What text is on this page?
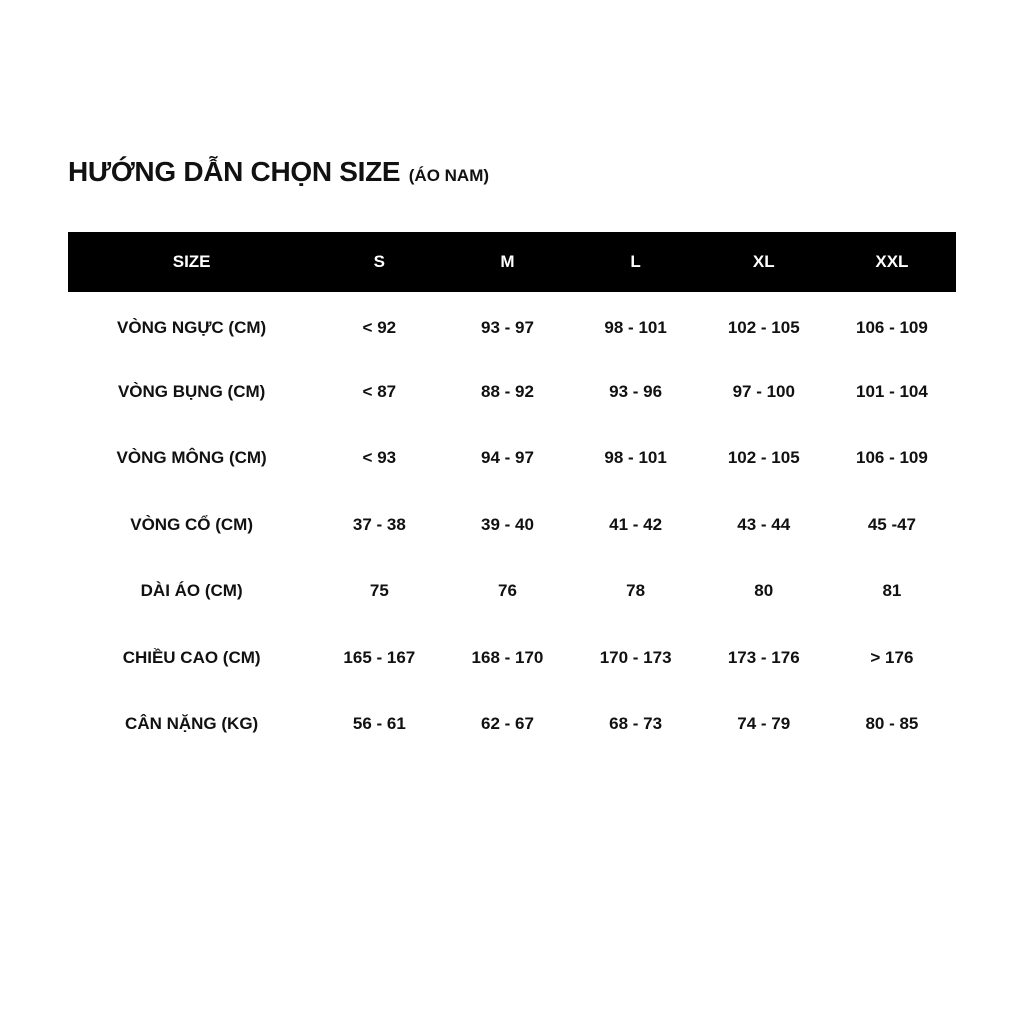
HƯỚNG DẪN CHỌN SIZE (ÁO NAM)
SIZE	S	M	L	XL	XXL
VÒNG NGỰC (CM)	< 92	93 - 97	98 - 101	102 - 105	106 - 109
VÒNG BỤNG (CM)	< 87	88 - 92	93 - 96	97 - 100	101 - 104
VÒNG MÔNG (CM)	< 93	94 - 97	98 - 101	102 - 105	106 - 109
VÒNG CỔ (CM)	37 - 38	39 - 40	41 - 42	43 - 44	45 -47
DÀI ÁO (CM)	75	76	78	80	81
CHIỀU CAO (CM)	165 - 167	168 - 170	170 - 173	173 - 176	> 176
CÂN NẶNG (KG)	56 - 61	62 - 67	68 - 73	74 - 79	80 - 85
